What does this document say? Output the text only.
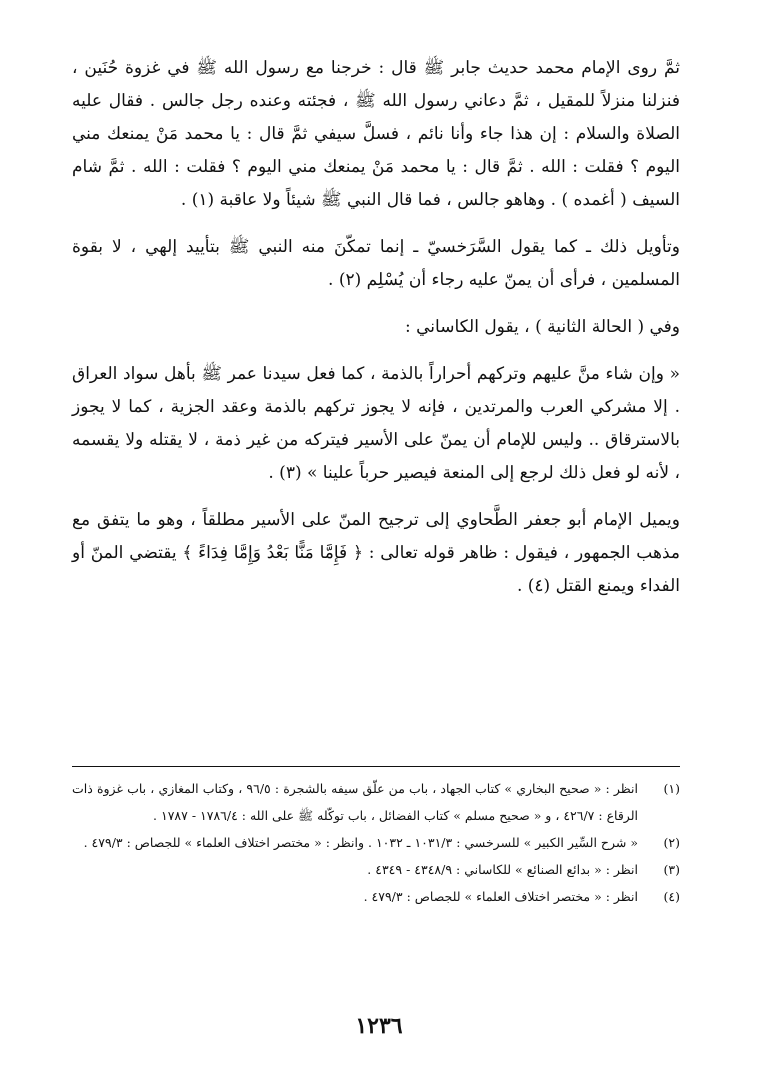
ثمَّ روى الإمام محمد حديث جابر ﷺ قال : خرجنا مع رسول الله ﷺ في غزوة حُنَين ، فنزلنا منزلاً للمقيل ، ثمَّ دعاني رسول الله ﷺ ، فجئته وعنده رجل جالس . فقال عليه الصلاة والسلام : إن هذا جاء وأنا نائم ، فسلَّ سيفي ثمَّ قال : يا محمد مَنْ يمنعك مني اليوم ؟ فقلت : الله . ثمَّ قال : يا محمد مَنْ يمنعك مني اليوم ؟ فقلت : الله . ثمَّ شام السيف ( أغمده ) . وهاهو جالس ، فما قال النبي ﷺ شيئاً ولا عاقبة (١) .

وتأويل ذلك ـ كما يقول السَّرَخسيّ ـ إنما تمكّنَ منه النبي ﷺ بتأييد إلهي ، لا بقوة المسلمين ، فرأى أن يمنّ عليه رجاء أن يُسْلِم (٢) .

وفي ( الحالة الثانية ) ، يقول الكاساني :

« وإن شاء منَّ عليهم وتركهم أحراراً بالذمة ، كما فعل سيدنا عمر ﷺ بأهل سواد العراق . إلا مشركي العرب والمرتدين ، فإنه لا يجوز تركهم بالذمة وعقد الجزية ، كما لا يجوز بالاسترقاق .. وليس للإمام أن يمنّ على الأسير فيتركه من غير ذمة ، لا يقتله ولا يقسمه ، لأنه لو فعل ذلك لرجع إلى المنعة فيصير حرباً علينا » (٣) .

ويميل الإمام أبو جعفر الطَّحاوي إلى ترجيح المنّ على الأسير مطلقاً ، وهو ما يتفق مع مذهب الجمهور ، فيقول : ظاهر قوله تعالى : ﴿ فَإِمَّا مَنًّا بَعْدُ وَإِمَّا فِدَاءً ﴾ يقتضي المنّ أو الفداء ويمنع القتل (٤) .

(١)
انظر : « صحيح البخاري » كتاب الجهاد ، باب من علّق سيفه بالشجرة : ٩٦/٥ ، وكتاب المغازي ، باب غزوة ذات الرقاع : ٤٢٦/٧ ، و « صحيح مسلم » كتاب الفضائل ، باب توكّله ﷺ على الله : ١٧٨٦/٤ - ١٧٨٧ .
(٢)
« شرح السِّير الكبير » للسرخسي : ١٠٣١/٣ ـ ١٠٣٢ . وانظر : « مختصر اختلاف العلماء » للجصاص : ٤٧٩/٣ .
(٣)
انظر : « بدائع الصنائع » للكاساني : ٤٣٤٨/٩ - ٤٣٤٩ .
(٤)
انظر : « مختصر اختلاف العلماء » للجصاص : ٤٧٩/٣ .
١٢٣٦
